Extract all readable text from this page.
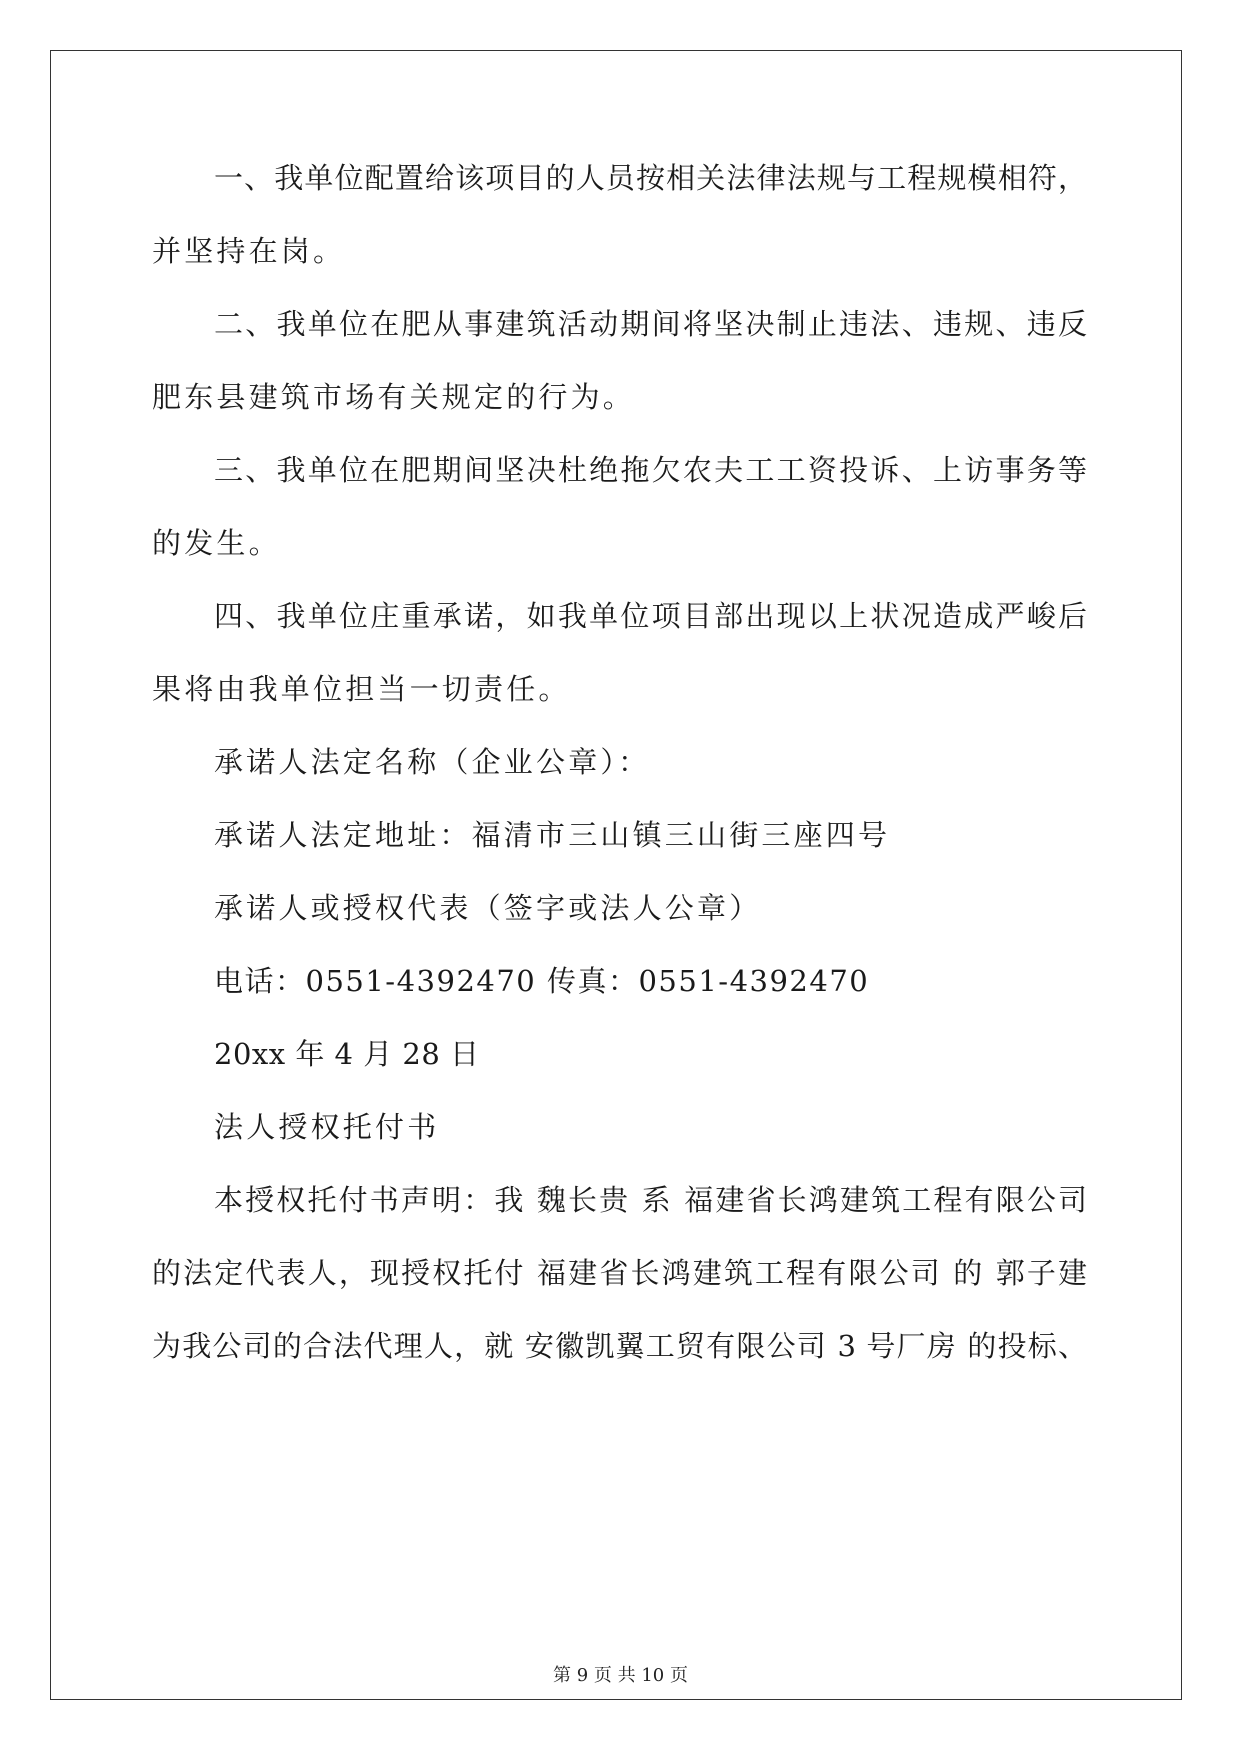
一、我单位配置给该项目的人员按相关法律法规与工程规模相符，
并坚持在岗。
二、我单位在肥从事建筑活动期间将坚决制止违法、违规、违反
肥东县建筑市场有关规定的行为。
三、我单位在肥期间坚决杜绝拖欠农夫工工资投诉、上访事务等
的发生。
四、我单位庄重承诺，如我单位项目部出现以上状况造成严峻后
果将由我单位担当一切责任。
承诺人法定名称（企业公章）：
承诺人法定地址：福清市三山镇三山街三座四号
承诺人或授权代表（签字或法人公章）
电话：0551-4392470 传真：0551-4392470
20xx 年 4 月 28 日
法人授权托付书
本授权托付书声明：我 魏长贵 系 福建省长鸿建筑工程有限公司
的法定代表人，现授权托付 福建省长鸿建筑工程有限公司 的 郭子建
为我公司的合法代理人，就 安徽凯翼工贸有限公司 3 号厂房 的投标、
第 9 页 共 10 页
